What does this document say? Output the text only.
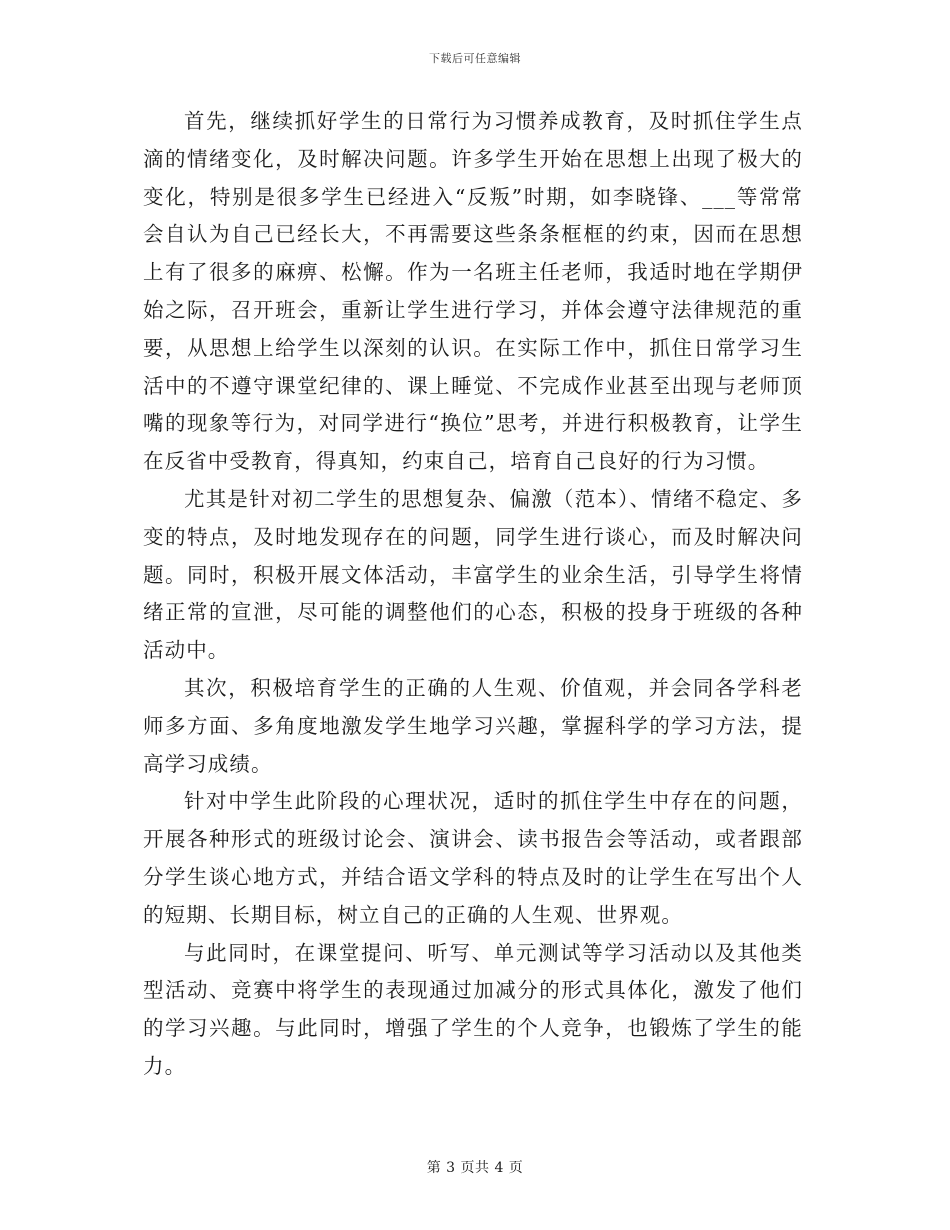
下载后可任意编辑

首先，继续抓好学生的日常行为习惯养成教育，及时抓住学生点滴的情绪变化，及时解决问题。许多学生开始在思想上出现了极大的变化，特别是很多学生已经进入“反叛”时期，如李晓锋、___等常常会自认为自己已经长大，不再需要这些条条框框的约束，因而在思想上有了很多的麻痹、松懈。作为一名班主任老师，我适时地在学期伊始之际，召开班会，重新让学生进行学习，并体会遵守法律规范的重要，从思想上给学生以深刻的认识。在实际工作中，抓住日常学习生活中的不遵守课堂纪律的、课上睡觉、不完成作业甚至出现与老师顶嘴的现象等行为，对同学进行“换位”思考，并进行积极教育，让学生在反省中受教育，得真知，约束自己，培育自己良好的行为习惯。

尤其是针对初二学生的思想复杂、偏激（范本）、情绪不稳定、多变的特点，及时地发现存在的问题，同学生进行谈心，而及时解决问题。同时，积极开展文体活动，丰富学生的业余生活，引导学生将情绪正常的宣泄，尽可能的调整他们的心态，积极的投身于班级的各种活动中。

其次，积极培育学生的正确的人生观、价值观，并会同各学科老师多方面、多角度地激发学生地学习兴趣，掌握科学的学习方法，提高学习成绩。

针对中学生此阶段的心理状况，适时的抓住学生中存在的问题，开展各种形式的班级讨论会、演讲会、读书报告会等活动，或者跟部分学生谈心地方式，并结合语文学科的特点及时的让学生在写出个人的短期、长期目标，树立自己的正确的人生观、世界观。

与此同时，在课堂提问、听写、单元测试等学习活动以及其他类型活动、竞赛中将学生的表现通过加减分的形式具体化，激发了他们的学习兴趣。与此同时，增强了学生的个人竞争，也锻炼了学生的能力。

第 3 页共 4 页
